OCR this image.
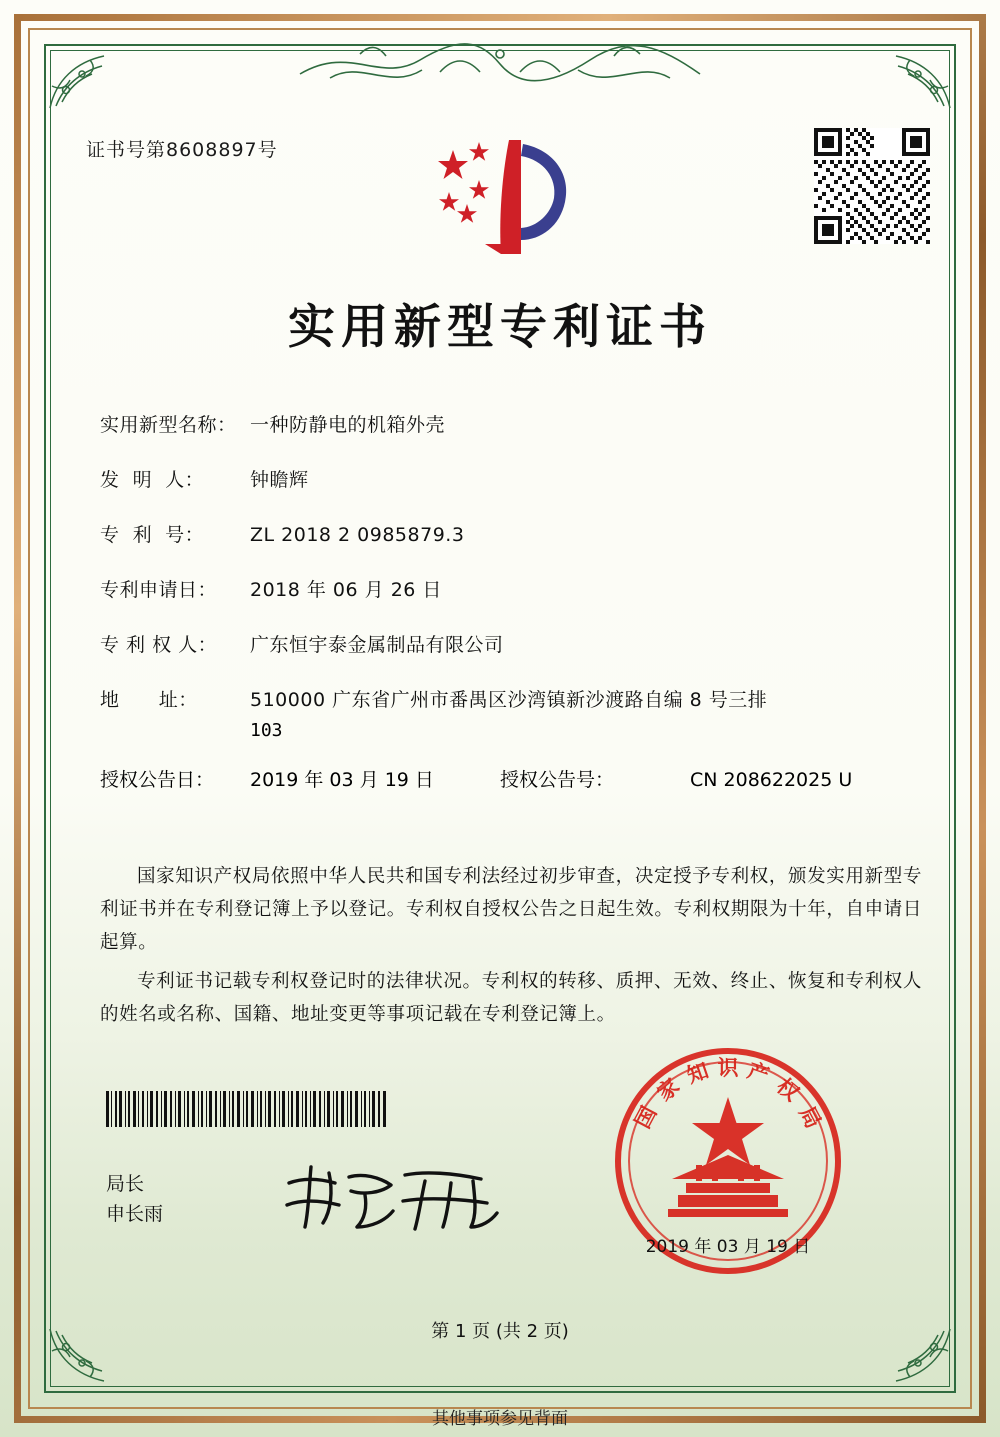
证书号第8608897号
实用新型专利证书
实用新型名称： 一种防静电的机箱外壳
发  明  人：	钟瞻辉
专  利  号：	ZL 2018 2 0985879.3
专利申请日：	2018 年 06 月 26 日
专 利 权 人：	广东恒宇泰金属制品有限公司
地      址：	510000 广东省广州市番禺区沙湾镇新沙渡路自编 8 号三排
103
授权公告日：	2019 年 03 月 19 日	授权公告号：	CN 208622025 U

国家知识产权局依照中华人民共和国专利法经过初步审查，决定授予专利权，颁发实用新型专利证书并在专利登记簿上予以登记。专利权自授权公告之日起生效。专利权期限为十年，自申请日起算。

专利证书记载专利权登记时的法律状况。专利权的转移、质押、无效、终止、恢复和专利权人的姓名或名称、国籍、地址变更等事项记载在专利登记簿上。

局长
申长雨
国
家
知 识 产
权
局
2019 年 03 月 19 日
第 1 页 (共 2 页)
其他事项参见背面
